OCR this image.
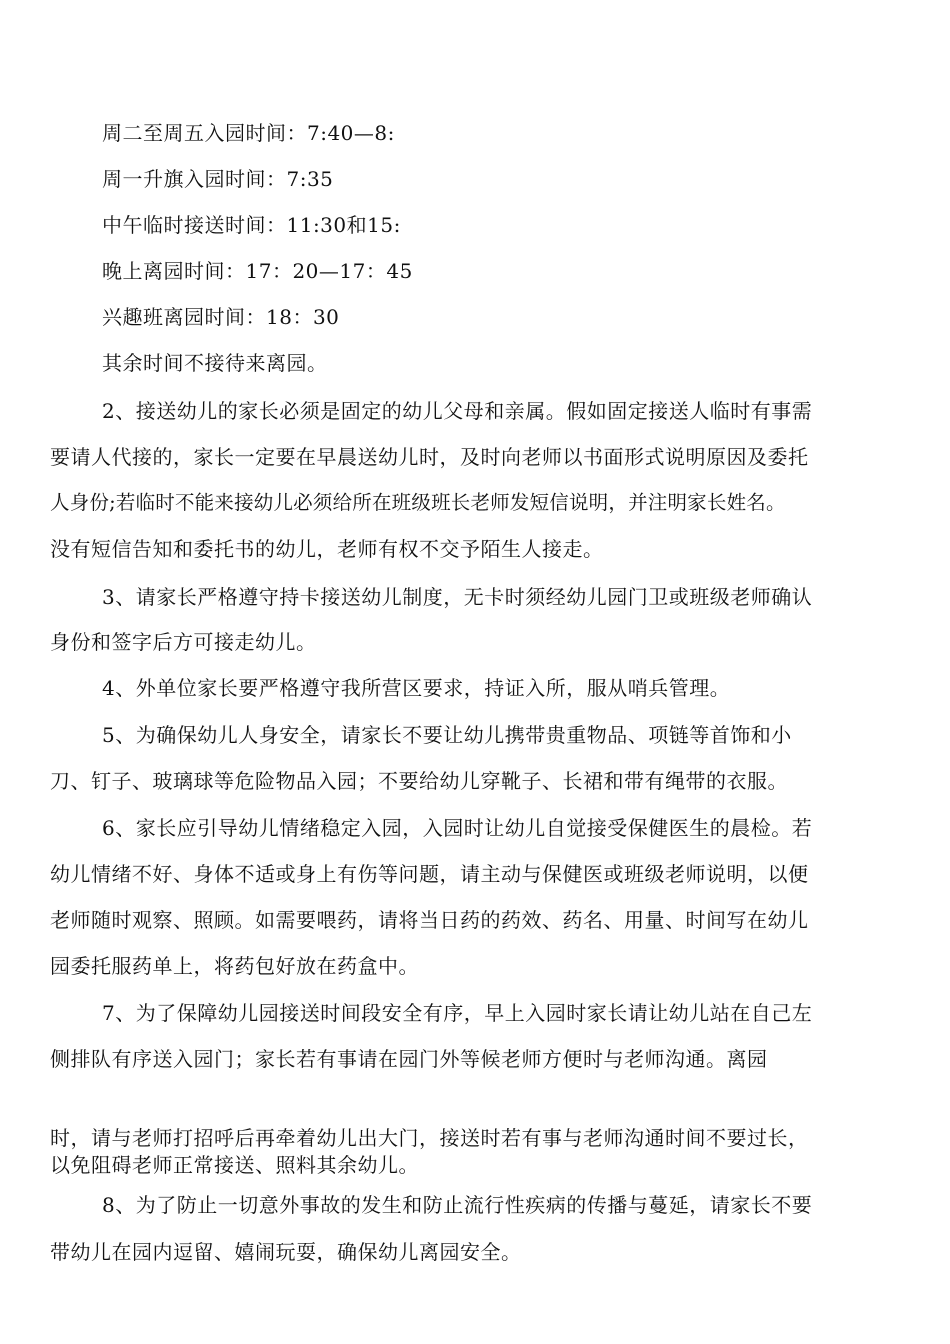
周二至周五入园时间：7:40—8:
周一升旗入园时间：7:35
中午临时接送时间：11:30和15:
晚上离园时间：17：20—17：45
兴趣班离园时间：18：30
其余时间不接待来离园。
2、接送幼儿的家长必须是固定的幼儿父母和亲属。假如固定接送人临时有事需
要请人代接的，家长一定要在早晨送幼儿时，及时向老师以书面形式说明原因及委托
人身份;若临时不能来接幼儿必须给所在班级班长老师发短信说明，并注明家长姓名。
没有短信告知和委托书的幼儿，老师有权不交予陌生人接走。
3、请家长严格遵守持卡接送幼儿制度，无卡时须经幼儿园门卫或班级老师确认
身份和签字后方可接走幼儿。
4、外单位家长要严格遵守我所营区要求，持证入所，服从哨兵管理。
5、为确保幼儿人身安全，请家长不要让幼儿携带贵重物品、项链等首饰和小
刀、钉子、玻璃球等危险物品入园；不要给幼儿穿靴子、长裙和带有绳带的衣服。
6、家长应引导幼儿情绪稳定入园，入园时让幼儿自觉接受保健医生的晨检。若
幼儿情绪不好、身体不适或身上有伤等问题，请主动与保健医或班级老师说明，以便
老师随时观察、照顾。如需要喂药，请将当日药的药效、药名、用量、时间写在幼儿
园委托服药单上，将药包好放在药盒中。
7、为了保障幼儿园接送时间段安全有序，早上入园时家长请让幼儿站在自己左
侧排队有序送入园门；家长若有事请在园门外等候老师方便时与老师沟通。离园
时，请与老师打招呼后再牵着幼儿出大门，接送时若有事与老师沟通时间不要过长，
以免阻碍老师正常接送、照料其余幼儿。
8、为了防止一切意外事故的发生和防止流行性疾病的传播与蔓延，请家长不要
带幼儿在园内逗留、嬉闹玩耍，确保幼儿离园安全。
